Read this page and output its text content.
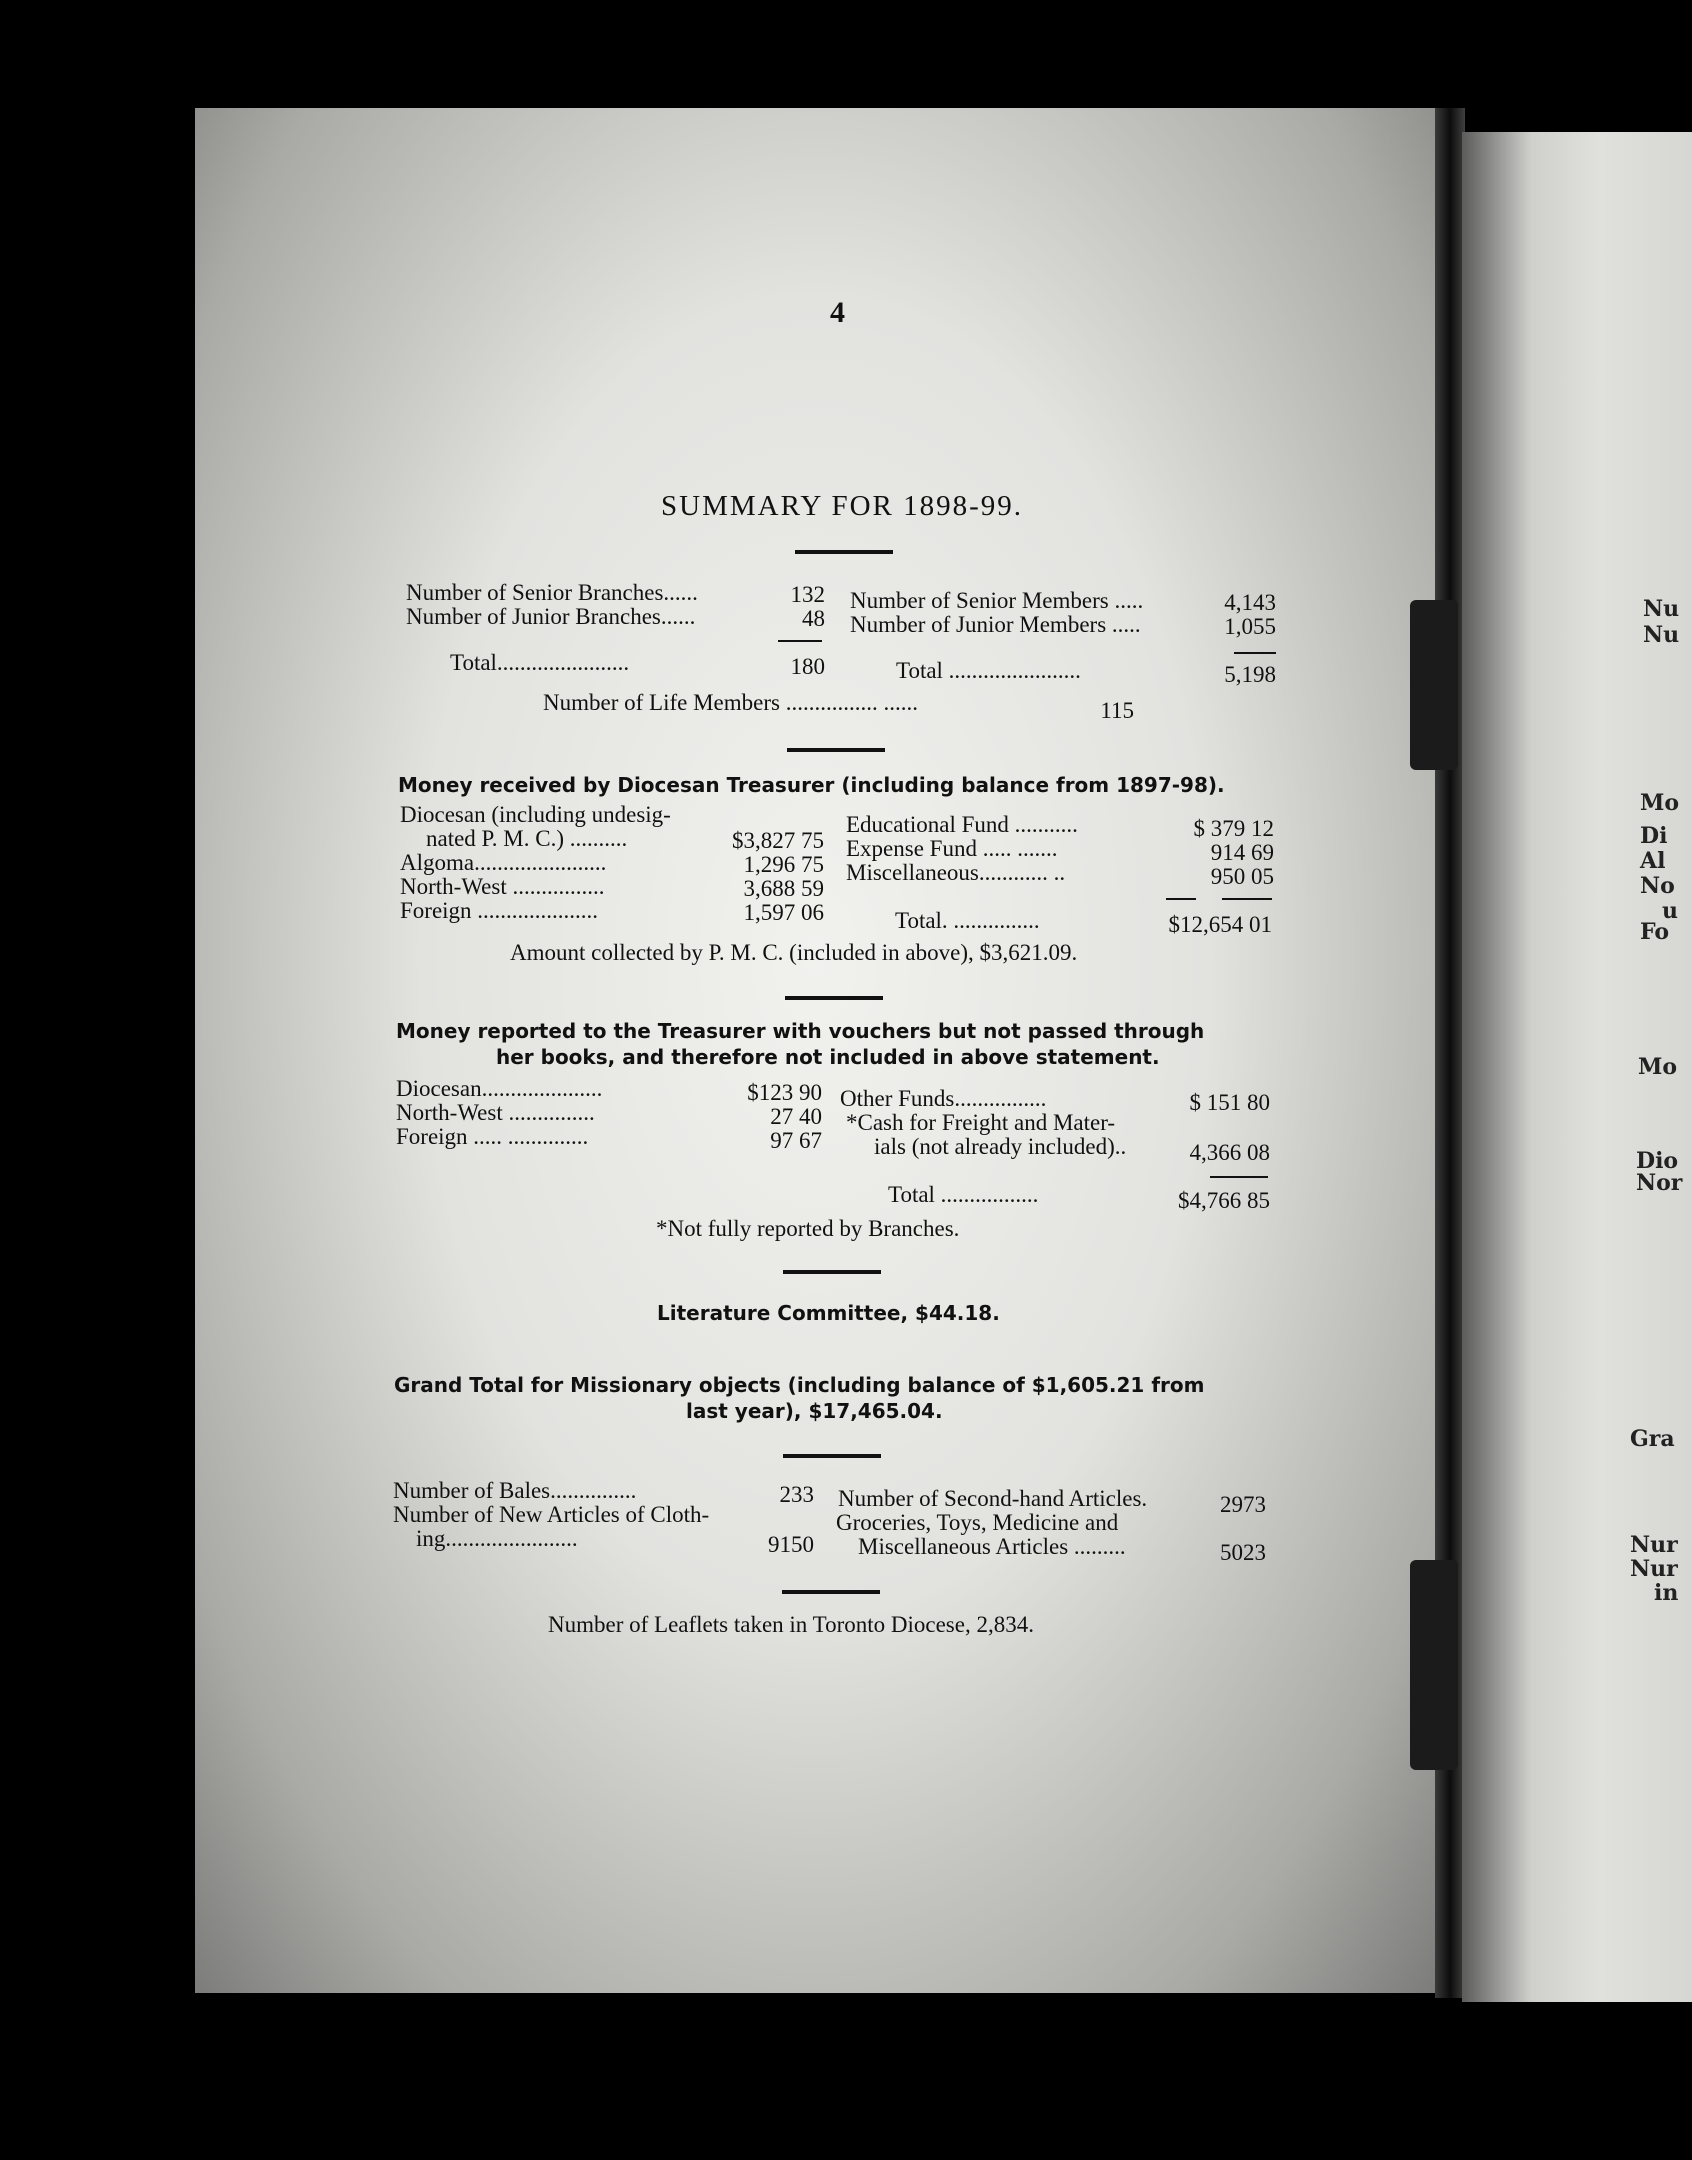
Nu
Nu
Mo
Di
Al
No
u
Fo
Mo
Dio
Nor
Gra
Nur
Nur
in
4
SUMMARY FOR 1898-99.
Number of Senior Branches......	132
Number of Junior Branches......	48
Total.......................	180
Number of Senior Members .....	4,143
Number of Junior Members .....	1,055
Total .......................	5,198
Number of Life Members ................ ......	115
Money received by Diocesan Treasurer (including balance from 1897-98).
Diocesan (including undesig-
nated P. M. C.) ..........	$3,827 75
Algoma.......................	1,296 75
North-West ................	3,688 59
Foreign .....................	1,597 06
Educational Fund ...........	$ 379 12
Expense Fund ..... .......	914 69
Miscellaneous............ ..	950 05
Total. ...............	$12,654 01
Amount collected by P. M. C. (included in above), $3,621.09.
Money reported to the Treasurer with vouchers but not passed through
her books, and therefore not included in above statement.
Diocesan.....................	$123 90
North-West ...............	27 40
Foreign ..... ..............	97 67
Other Funds................	$ 151 80
*Cash for Freight and Mater-
ials (not already included)..	4,366 08
Total .................	$4,766 85
*Not fully reported by Branches.
Literature Committee, $44.18.
Grand Total for Missionary objects (including balance of $1,605.21 from
last year), $17,465.04.
Number of Bales...............	233
Number of New Articles of Cloth-
ing.......................	9150
Number of Second-hand Articles.	2973
Groceries, Toys, Medicine and
Miscellaneous Articles .........	5023
Number of Leaflets taken in Toronto Diocese, 2,834.
